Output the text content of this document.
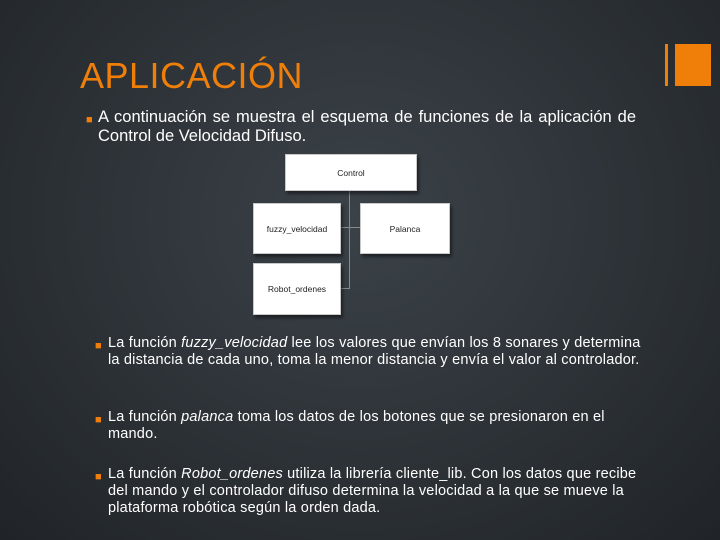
APLICACIÓN
■ A continuación se muestra el esquema de funciones de la aplicación de Control de Velocidad Difuso.
Control
fuzzy_velocidad	Palanca
Robot_ordenes
■ La función fuzzy_velocidad lee los valores que envían los 8 sonares y determina la distancia de cada uno, toma la menor distancia y envía el valor al controlador.
■ La función palanca toma los datos de los botones que se presionaron en el mando.
■ La función Robot_ordenes utiliza la librería cliente_lib. Con los datos que recibe del mando y el controlador difuso determina la velocidad a la que se mueve la plataforma robótica según la orden dada.
